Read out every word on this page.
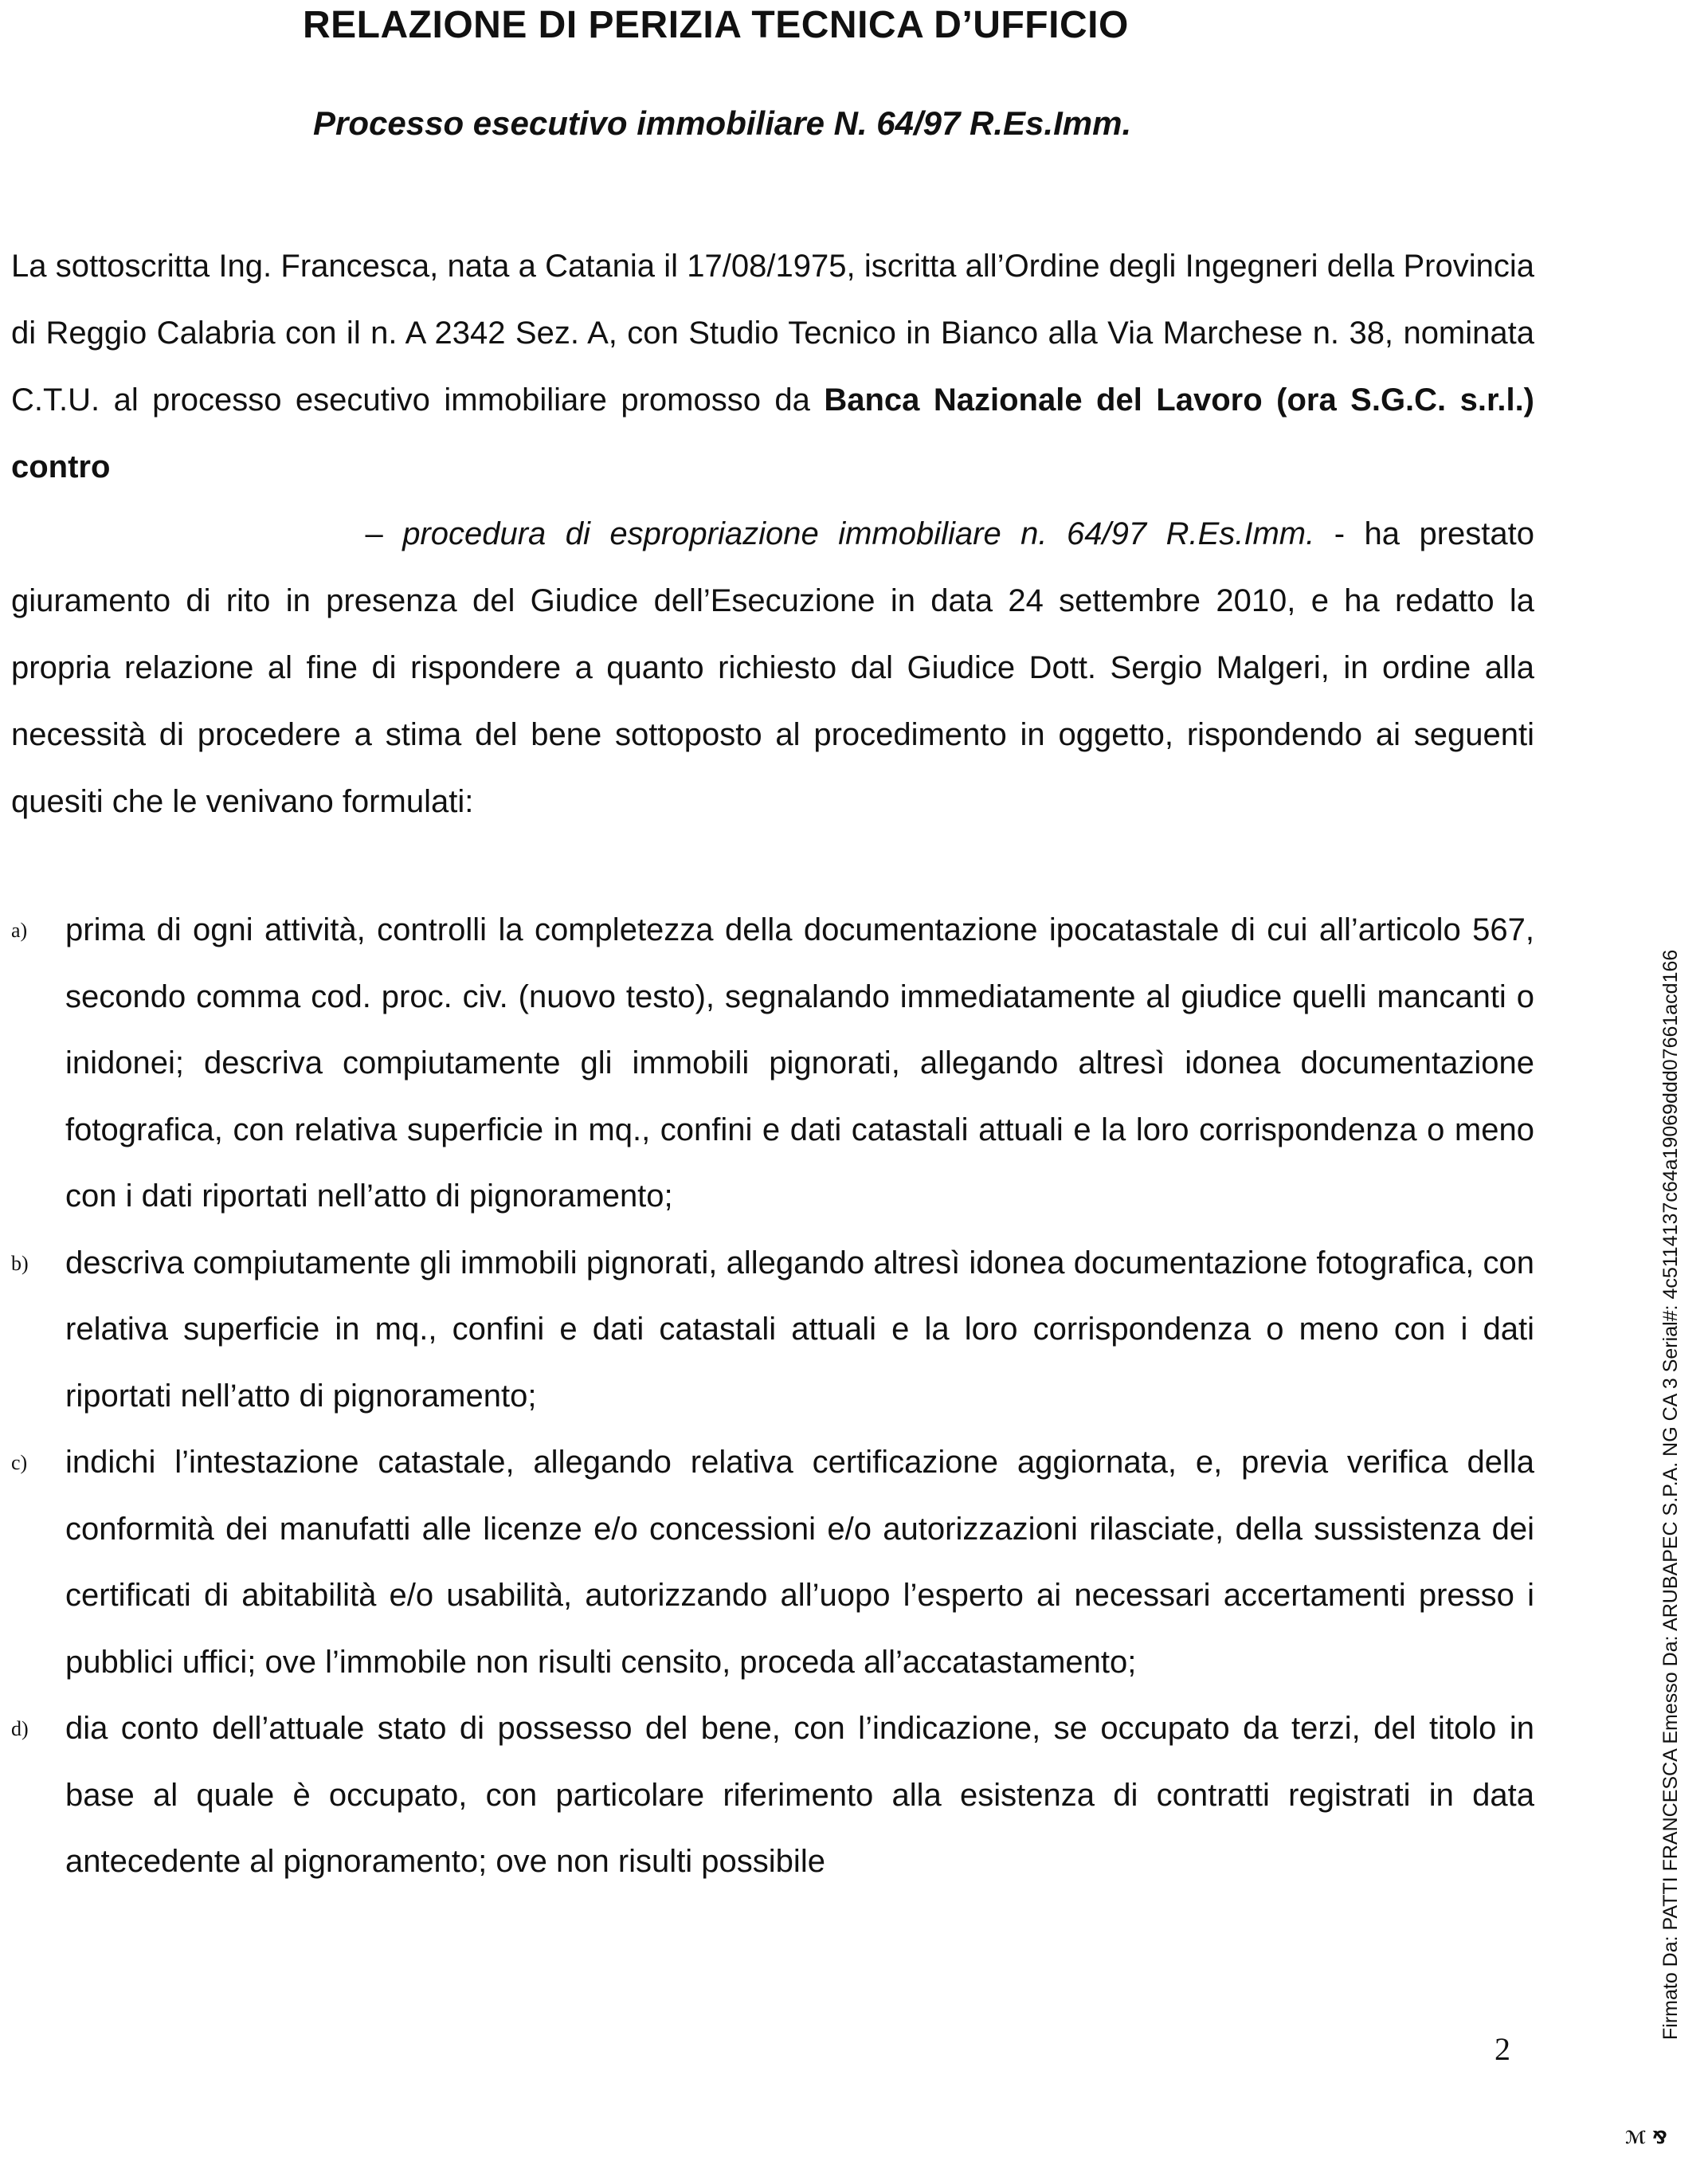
RELAZIONE DI PERIZIA TECNICA D’UFFICIO
Processo esecutivo immobiliare N. 64/97 R.Es.Imm.
La sottoscritta Ing. Francesca, nata a Catania il 17/08/1975, iscritta all’Ordine degli Ingegneri della Provincia di Reggio Calabria con il n. A 2342 Sez. A, con Studio Tecnico in Bianco alla Via Marchese n. 38, nominata C.T.U. al processo esecutivo immobiliare promosso da Banca Nazionale del Lavoro (ora S.G.C. s.r.l.) contro
– procedura di espropriazione immobiliare n. 64/97 R.Es.Imm. - ha prestato giuramento di rito in presenza del Giudice dell’Esecuzione in data 24 settembre 2010, e ha redatto la propria relazione al fine di rispondere a quanto richiesto dal Giudice Dott. Sergio Malgeri, in ordine alla necessità di procedere a stima del bene sottoposto al procedimento in oggetto, rispondendo ai seguenti quesiti che le venivano formulati:
a)	prima di ogni attività, controlli la completezza della documentazione ipocatastale di cui all’articolo 567, secondo comma cod. proc. civ. (nuovo testo), segnalando immediatamente al giudice quelli mancanti o inidonei; descriva compiutamente gli immobili pignorati, allegando altresì idonea documentazione fotografica, con relativa superficie in mq., confini e dati catastali attuali e la loro corrispondenza o meno con i dati riportati nell’atto di pignoramento;
b)	descriva compiutamente gli immobili pignorati, allegando altresì idonea documentazione fotografica, con relativa superficie in mq., confini e dati catastali attuali e la loro corrispondenza o meno con i dati riportati nell’atto di pignoramento;
c)	indichi l’intestazione catastale, allegando relativa certificazione aggiornata, e, previa verifica della conformità dei manufatti alle licenze e/o concessioni e/o autorizzazioni rilasciate, della sussistenza dei certificati di abitabilità e/o usabilità, autorizzando all’uopo l’esperto ai necessari accertamenti presso i pubblici uffici; ove l’immobile non risulti censito, proceda all’accatastamento;
d)	dia conto dell’attuale stato di possesso del bene, con l’indicazione, se occupato da terzi, del titolo in base al quale è occupato, con particolare riferimento alla esistenza di contratti registrati in data antecedente al pignoramento; ove non risulti possibile
2
Firmato Da: PATTI FRANCESCA Emesso Da: ARUBAPEC S.P.A. NG CA 3 Serial#: 4c5114137c64a19069ddd07661acd166
ℳ ⅋
